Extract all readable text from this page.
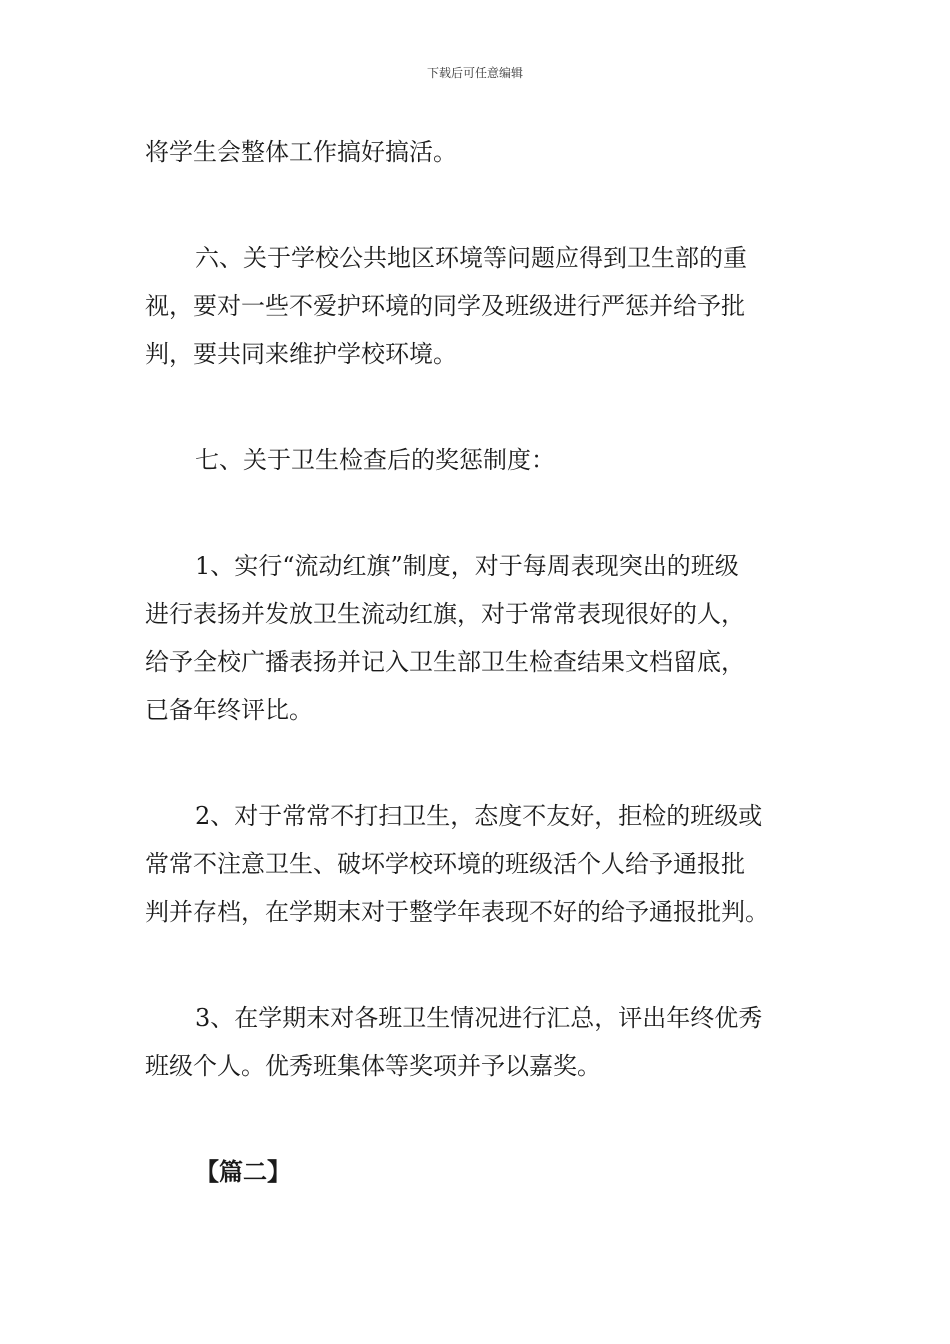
下载后可任意编辑

将学生会整体工作搞好搞活。

六、关于学校公共地区环境等问题应得到卫生部的重
视，要对一些不爱护环境的同学及班级进行严惩并给予批
判，要共同来维护学校环境。

七、关于卫生检查后的奖惩制度：

1、实行“流动红旗”制度，对于每周表现突出的班级
进行表扬并发放卫生流动红旗，对于常常表现很好的人，
给予全校广播表扬并记入卫生部卫生检查结果文档留底，
已备年终评比。

2、对于常常不打扫卫生，态度不友好，拒检的班级或
常常不注意卫生、破坏学校环境的班级活个人给予通报批
判并存档，在学期末对于整学年表现不好的给予通报批判。

3、在学期末对各班卫生情况进行汇总，评出年终优秀
班级个人。优秀班集体等奖项并予以嘉奖。

【篇二】
